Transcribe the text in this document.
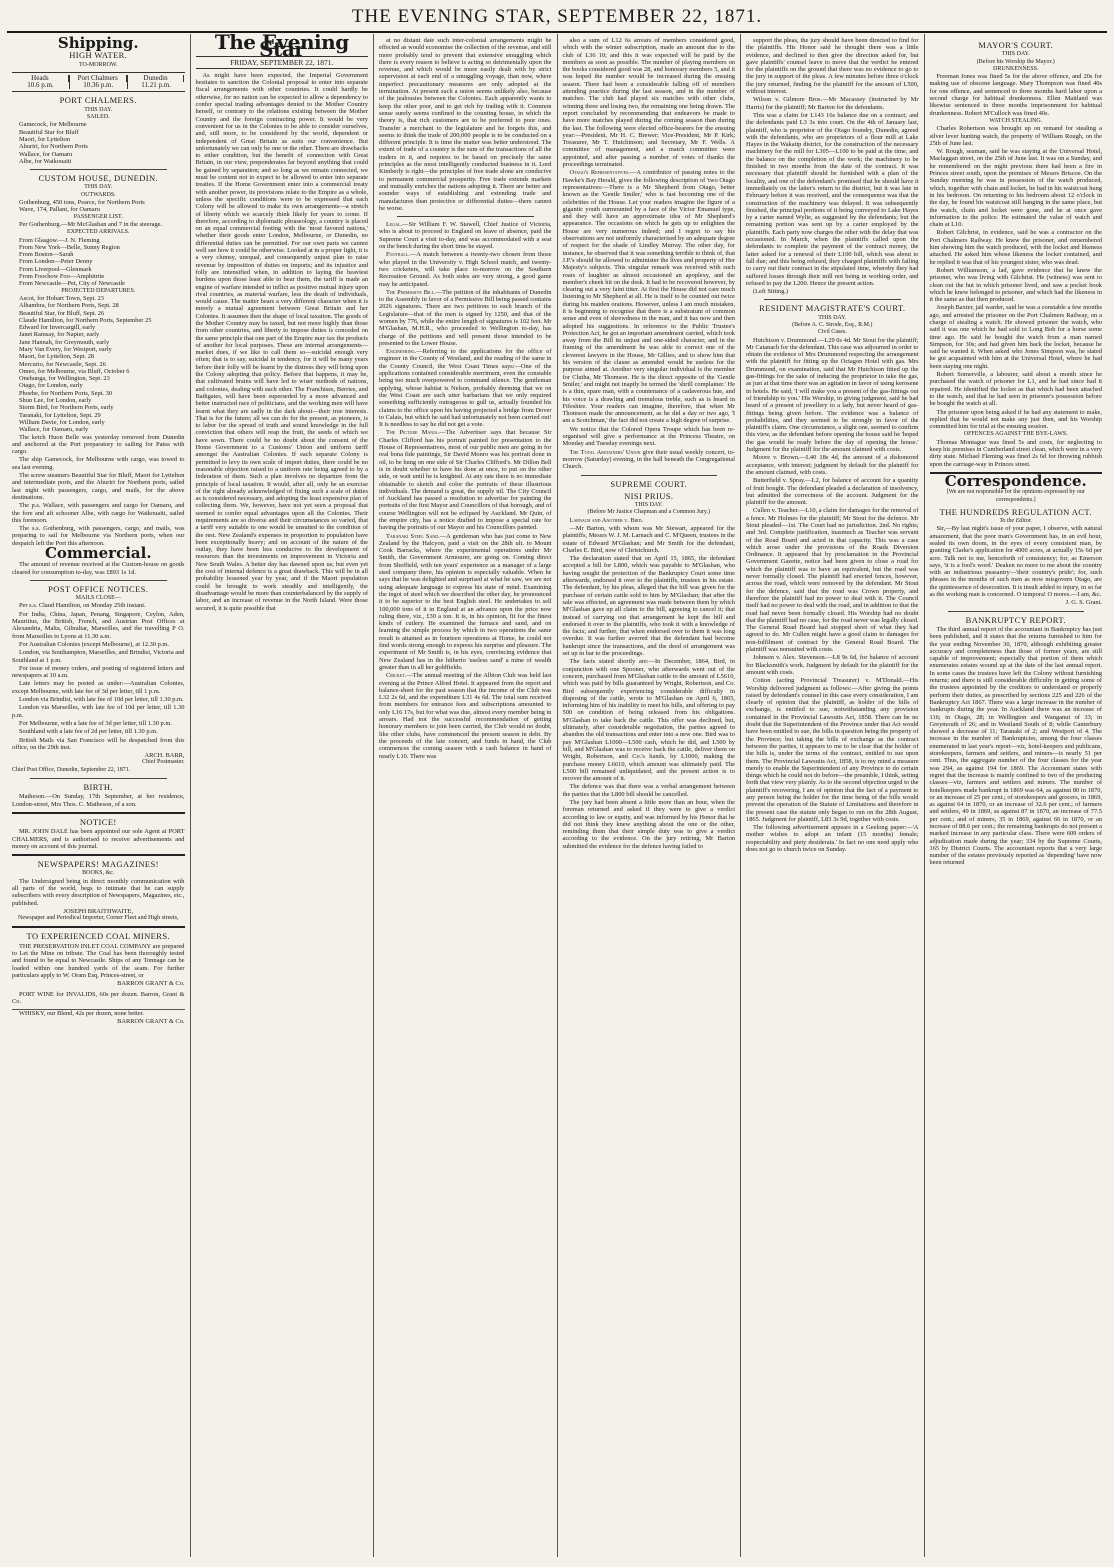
THE EVENING STAR, SEPTEMBER 22, 1871.
Shipping.
HIGH WATER.
TO-MORROW.
Heads
10.6 p.m.
Port Chalmers
10.36 p.m.
Dunedin
11.21 p.m.
PORT CHALMERS.
THIS DAY.
SAILED.
Gamecock, for Melbourne
Beautiful Star for Bluff
Maori, for Lyttelton
Ahuriri, for Northern Ports
Wallace, for Oamaru
Albe, for Waikouaiti
CUSTOM HOUSE, DUNEDIN.
THIS DAY.
OUTWARDS.
Gothenburg, 450 tons, Pearce, for Northern Ports
Wave, 174, Pallant, for Oamaru
PASSENGER LIST.

Per Gothenburg.—Mr McGlashan and 7 in the steerage.

EXPECTED ARRIVALS.
From Glasgow.—J. N. Fleming
From New York—Belle, Sunny Region
From Boston—Sarah
From London—Peter Denny
From Liverpool—Glenmark
From Foochow Foo—Amphitrite
From Newcastle—Pet, City of Newcastle
PROJECTED DEPARTURES.
Ascot, for Hobart Town, Sept. 23
Alhambra, for Northern Ports, Sept. 28
Beautiful Star, for Bluff, Sept. 26
Claude Hamilton, for Northern Ports, September 25
Edward for Invercargill, early
Janet Ramsay, for Napier, early
Jane Hannah, for Greymouth, early
Mary Van Every, for Westport, early
Maori, for Lyttelton, Sept. 28
Mercurio, for Newcastle, Sept. 26
Omeo, for Melbourne, via Bluff, October 6
Onehunga, for Wellington, Sept. 23
Otago, for London, early
Phoebe, for Northern Ports, Sept. 30
Shun Lee, for London, early
Storm Bird, for Northern Ports, early
Taranaki, for Lyttelton, Sept. 29
William Davie, for London, early
Wallace, for Oamaru, early

The ketch Huon Belle was yesterday removed from Dunedin and anchored at the Port preparatory to sailing for Patea with cargo.

The ship Gamecock, for Melbourne with cargo, was towed to sea last evening.

The screw steamers Beautiful Star for Bluff, Maori for Lyttelton and intermediate ports, and the Ahuriri for Northern ports, sailed last night with passengers, cargo, and mails, for the above destinations.

The p.s. Wallace, with passengers and cargo for Oamaru, and the fore and aft schooner Albe, with cargo for Waikouaiti, sailed this forenoon.

The s.s. Gothenburg, with passengers, cargo, and mails, was preparing to sail for Melbourne via Northern ports, when our despatch left the Port this afternoon.

Commercial.

The amount of revenue received at the Custom-house on goods cleared for consumption to-day, was £893 1s 1d.

POST OFFICE NOTICES.
MAILS CLOSE—

Per s.s. Claud Hamilton, on Monday 25th instant.

For India, China, Japan, Penang, Singapore, Ceylon, Aden, Mauritius, the British, French, and Austrian Post Offices at Alexandria, Malta, Gibraltar, Marseilles, and the travelling P O. from Marseilles to Lyons at 11.30 a.m.

For Australian Colonies (except Melbourne), at 12.30 p.m.

London, via Southampton, Marseilles, and Brindisi, Victoria and Southland at 1 p.m.

For issue of money orders, and posting of registered letters and newspapers at 10 a.m.

Late letters may be posted as under:—Australian Colonies, except Melbourne, with late fee of 3d per letter, till 1 p.m.

London via Brindisi, with late fee of 10d per letter, till 1.30 p.m.

London via Marseilles, with late fee of 10d per letter, till 1.30 p.m.

For Melbourne, with a late fee of 3d per letter, till 1.30 p.m.

Southland with a late fee of 2d per letter, till 1.30 p.m.

British Mails via San Francisco will be despatched from this office, on the 29th inst.

ARCH. BARR,
Chief Postmaster.
Chief Post Office, Dunedin, September 22, 1871.
BIRTH.

Matheson.—On Sunday, 17th September, at her residence, London-street, Mrs Thos. C. Matheson, of a son.

NOTICE!

MR. JOHN DALE has been appointed our sole Agent at PORT CHALMERS, and is authorised to receive advertisements and money on account of this journal.

NEWSPAPERS! MAGAZINES!
BOOKS, &c.

The Undersigned being in direct monthly communication with all parts of the world, begs to intimate that he can supply subscribers with every description of Newspapers, Magazines, etc., published.

JOSEPH BRAITHWAITE,
Newspaper and Periodical Importer, Corner Fleet and High streets,
TO EXPERIENCED COAL MINERS.

THE PRESERVATION INLET COAL COMPANY are prepared to Let the Mine on tribute. The Coal has been thoroughly tested and found to be equal to Newcastle. Ships of any Tonnage can be loaded within one hundred yards of the seam. For further particulars apply to W. Oram Esq, Princes-street, or

BARRON GRANT & Co.

PORT WINE for INVALIDS, 60s per dozen. Barron, Grant & Co.

WHISKY, our Blend, 42s per dozen, none better.

BARRON GRANT & Co.
The Evening Star
FRIDAY, SEPTEMBER 22, 1871.

As might have been expected, the Imperial Government hesitates to sanction the Colonial proposal to enter into separate fiscal arrangements with other countries. It could hardly be otherwise, for no nation can be expected to allow a dependency to confer special trading advantages denied to the Mother Country herself, or contrary to the relations existing between the Mother Country and the foreign contracting power. It would be very convenient for us in the Colonies to be able to consider ourselves, and, still more, to be considered by the world, dependent or independent of Great Britain as suits our convenience. But unfortunately we can only be one or the other. There are drawbacks to either condition, but the benefit of connection with Great Britain, in our view, preponderates far beyond anything that could be gained by separation; and so long as we remain connected, we must be content not to expect to be allowed to enter into separate treaties. If the Home Government enter into a commercial treaty with another power, its provisions relate to the Empire as a whole, unless the specific conditions were to be expressed that each Colony will be allowed to make its own arrangements—a stretch of liberty which we scarcely think likely for years to come. If therefore, according to diplomatic phraseology, a country is placed on an equal commercial footing with the 'most favored nations,' whether their goods enter London, Melbourne, or Dunedin, no differential duties can be permitted. For our own parts we cannot well see how it could be otherwise. Looked at in a proper light, it is a very clumsy, unequal, and consequently unjust plan to raise revenue by imposition of duties on imports; and its injustice and folly are intensified when, in addition to laying the heaviest burdens upon those least able to bear them, the tariff is made an engine of warfare intended to inflict as positive mutual injury upon rival countries, as material warfare, less the death of individuals, would cause. The matter bears a very different character when it is merely a mutual agreement between Great Britain and her Colonies. It assumes then the shape of local taxation. The goods of the Mother Country may be taxed, but not more highly than those from other countries, and liberty to impose duties is conceded on the same principle that one part of the Empire may tax the products of another for local purposes. These are internal arrangements—market dues, if we like to call them so—suicidal enough very often; that is to say, suicidal in tendency, for it will be many years before their folly will be learnt by the distress they will bring upon the Colony adopting that policy. Before that happens, it may be, that cultivated brains will have led to wiser methods of nations, and colonies, dealing with each other. The Franchises, Berries, and Bathgates, will have been superseded by a more advanced and better instructed race of politicians, and the working men will have learnt what they are sadly in the dark about—their true interests. That is for the future; all we can do for the present, as pioneers, is to labor for the spread of truth and sound knowledge in the full conviction that others will reap the fruit, the seeds of which we have sown. There could be no doubt about the consent of the Home Government to a Customs' Union and uniform tariff amongst the Australian Colonies. If each separate Colony is permitted to levy its own scale of import duties, there could be no reasonable objection raised to a uniform rate being agreed to by a federation of them. Such a plan involves no departure from the principle of local taxation. It would, after all, only be an exercise of the right already acknowledged of fixing such a scale of duties as is considered necessary, and adopting the least expensive plan of collecting them. We, however, have not yet seen a proposal that seemed to confer equal advantages upon all the Colonies. Their requirements are so diverse and their circumstances so varied, that a tariff very suitable to one would be unsuited to the condition of the rest. New Zealand's expenses in proportion to population have been exceptionally heavy; and on account of the nature of the outlay, they have been less conducive to the development of resources than the investments on improvement in Victoria and New South Wales. A better day has dawned upon us; but even yet the cost of internal defence is a great drawback. This will be in all probability lessened year by year, and if the Maori population could be brought to work steadily and intelligently, the disadvantage would be more than counterbalanced by the supply of labor, and an increase of revenue in the North Island. Were those secured, it is quite possible that

at no distant date such inter-colonial arrangements might be effected as would economise the collection of the revenue, and still more probably tend to prevent that extensive smuggling which there is every reason to believe is acting so detrimentally upon the revenue, and which would be more easily dealt with by strict supervision at each end of a smuggling voyage, than now, where imperfect precautionary measures are only adopted at the termination. At present such a union seems unlikely also, because of the jealousies between the Colonies. Each apparently wants to keep the other poor, and to get rich by trading with it. Common sense surely seems confined to the counting house, in which the theory is, that rich customers are to be preferred to poor ones. Transfer a merchant to the legislature and he forgets this, and seems to think the trade of 200,000 people is to be conducted on a different principle. It is time the matter was better understood. The extent of trade of a country is the sum of the transactions of all the traders in it, and requires to be based on precisely the same principles as the most intelligently conducted business in it. Lord Kimberly is right—the principles of free trade alone are conducive to permanent commercial prosperity. Free trade extends markets and mutually enriches the nations adopting it. There are better and sounder ways of establishing and extending trade and manufactures than protective or differential duties—there cannot be worse.

Legal.—Sir William F. W. Stawell, Chief Justice of Victoria, who is about to proceed to England on leave of absence, paid the Supreme Court a visit to-day, and was accommodated with a seat on the bench during the short time he stayed.

Football.—A match between a twenty-two chosen from those who played in the University v. High School match, and twenty-two cricketers, will take place to-morrow on the Southern Recreation Ground. As both sides are very strong, a good game may be anticipated.

The Permissive Bill.—The petition of the inhabitants of Dunedin to the Assembly in favor of a Permissive Bill being passed contains 2026 signatures. There are two petitions to each branch of the Legislature—that of the men is signed by 1250, and that of the women by 776, while the entire length of signatures is 102 feet. Mr M'Glashan, M.H.R., who proceeded to Wellington to-day, has charge of the petitions and will present those intended to be presented to the Lower House.

Engineering.—Referring to the applications for the office of engineer in the County of Westland, and the reading of the same in the County Council, the West Coast Times says:—One of the applications contained considerable merriment, even the constable being too much overpowered to command silence. The gentleman applying, whose habitat is Nelson, probably deeming that we on the West Coast are such utter barbarians that we only required something sufficiently outrageous to gull us, actually founded his claims to the office upon his having projected a bridge from Dover to Calais, but which he said had unfortunately not been carried out! It is needless to say he did not get a vote.

The Picture Mania.—The Advertiser says that because Sir Charles Clifford has his portrait painted for presentation to the House of Representatives, most of our public men are going in for real bona fide paintings, Sir David Monro was his portrait done in oil, to be hung on one side of Sir Charles Clifford's. Mr Dillon Bell is in doubt whether to have his done at once, to put on the other side, or wait until he is knighted. At any rate there is no immediate obtainable to sketch and color the portraits of these illustrious individuals. The demand is great, the supply nil. The City Council of Auckland has passed a resolution to advertise for painting the portraits of the first Mayor and Councillors of that borough, and of course Wellington will not be eclipsed by Auckland. Mr Quin, of the empire city, has a notice drafted to impose a special rate for having the portraits of our Mayor and his Councillors painted.

Taranaki Steel Sand.—A gentleman who has just come to New Zealand by the Halcyon, paid a visit on the 28th ult. to Mount Cook Barracks, where the experimental operations under Mr Smith, the Government Armourer, are going on. Coming direct from Sheffield, with ten years' experience as a manager of a large steel company there, his opinion is especially valuable. When he says that he was delighted and surprised at what he saw, we are not using adequate language to express his state of mind. Examining the ingot of steel which we described the other day, he pronounced it to be superior to the best English steel. He undertakes to sell 100,000 tons of it in England at an advance upon the price now ruling there, viz., £30 a ton. It is, in his opinion, fit for the finest kinds of cutlery. He examined the furnace and sand, and on learning the simple process by which in two operations the same result is attained as in fourteen operations at Home, he could not find words strong enough to express his surprise and pleasure. The experiment of Mr Smith is, in his eyes, convincing evidence that New Zealand has in the hitherto 'useless sand' a mine of wealth greater than in all her goldfields.

Cricket.—The annual meeting of the Albion Club was held last evening at the Prince Alfred Hotel. It appeared from the report and balance-sheet for the past season that the income of the Club was L32 2s 6d, and the expenditure L31 4s 6d. The total sum received from members for entrance fees and subscriptions amounted to only L16 17s, but for what was due, almost every member being in arrears. Had not the successful recommendation of getting honorary members to join been carried, the Club would no doubt, like other clubs, have commenced the present season in debt. By the proceeds of the late concert, and funds in hand, the Club commences the coming season with a cash balance in hand of nearly L10. There was

also a sum of L12 6s arrears of members considered good, which with the winter subscription, made an amount due to the club of L36 10; and this it was expected will be paid by the members as soon as possible. The number of playing members on the books considered good was 28, and honorary members 5, and it was hoped the number would be increased during the ensuing season. There had been a considerable falling off of members attending practice during the last season, and in the number of matches. The club had played six matches with other clubs, winning three and losing two, the remaining one being drawn. The report concluded by recommending that endeavors be made to have more matches played during the coming season than during the last. The following were elected office-bearers for the ensuing year:—President, Mr H. C. Brewer; Vice-President, Mr P. Kirk; Treasurer, Mr T. Hutchinson; and Secretary, Mr F. Wells. A committee of management, and a match committee were appointed, and after passing a number of votes of thanks the proceedings terminated.

Otago's Representatives.—A contributor of passing notes to the Hawke's Bay Herald, gives the following description of 'two Otago representatives:—There is a Mr Shepherd from Otago, better known as the 'Gentle Smiler,' who is fast becoming one of the celebrities of the House. Let your readers imagine the figure of a gigantic youth surmounted by a face of the Victor Emanuel type, and they will have an approximate idea of Mr Shepherd's appearance. The occasions on which he gets up to enlighten the House are very numerous indeed; and I regret to say his observations are not uniformly characterised by an adequate degree of respect for the shade of Lindley Murray. The other day, for instance, he observed that it was something terrible to think of, that J.P.'s should be allowed to administer the lives and property of Her Majesty's subjects. This singular remark was received with such roars of laughter as almost occasioned an apoplexy, and the member's cheek hit on the desk. It had to be recovered however, by clearing out a very faint titter. At first the House did not care much listening to Mr Shepherd at all. He is itself to be counted out twice during his maiden orations. However, unless I am much mistaken, it is beginning to recognise that there is a substratum of common sense and even of shrewdness in the man, and it has now and then adopted his suggestions. In reference to the Public Trustee's Protection Act, he got an important amendment carried, which took away from the Bill its unjust and one-sided character, and in the framing of the amendment he was able to correct one of the cleverest lawyers in the House, Mr Gillies, and to show him that his version of the clause as amended would be useless for the purpose aimed at. Another very singular individual is the member for Clutha, Mr Thomson. He is the direct opposite of the 'Gentle Smiler,' and might not inaptly be termed the 'shrill complainer.' He is a thin, spare man, with a countenance of a cadaverous hue, and his voice is a drawling and tremulous treble, such as is heard in Fifeshire. Your readers can imagine, therefore, that when Mr Thomson made the announcement, as he did a day or two ago, 'I am a Scotchman,' the fact did not create a high degree of surprise.

We notice that the Colored Opera Troupe which has been re-organised will give a performance at the Princess Theatre, on Monday and Tuesday evenings next.

The Total Abstainers' Union give their usual weekly concert, to-morrow (Saturday) evening, in the hall beneath the Congregational Church.

SUPREME COURT.
NISI PRIUS.
THIS DAY.
(Before Mr Justice Chapman and a Common Jury.)

Larnach and Another v. Bird.

—Mr Barton, with whom was Mr Stewart, appeared for the plaintiffs, Messrs W. J. M. Larnach and C. M'Queen, trustees in the estate of Edward M'Glashan; and Mr Smith for the defendant, Charles E. Bird, now of Christchurch.

The declaration stated that on April 15, 1865, the defendant accepted a bill for L800, which was payable to M'Glashan, who having sought the protection of the Bankruptcy Court some time afterwards, endorsed it over to the plaintiffs, trustees in his estate. The defendant, by his pleas, alleged that the bill was given for the purchase of certain cattle sold to him by M'Glashan; that after the sale was effected, an agreement was made between them by which M'Glashan gave up all claim to the bill, agreeing to cancel it; that instead of carrying out that arrangement he kept the bill and endorsed it over to the plaintiffs, who took it with a knowledge of the facts; and further, that when endorsed over to them it was long overdue. It was further averred that the defendant had become bankrupt since the transactions, and the deed of arrangement was set up in bar to the proceedings.

The facts stated shortly are:—In December, 1864, Bird, in conjunction with one Spooner, who afterwards went out of the concern, purchased from M'Glashan cattle to the amount of L5610, which was paid by bills guaranteed by Wright, Robertson, and Co. Bird subsequently experiencing considerable difficulty in disposing of the cattle, wrote to M'Glashan on April 6, 1865, informing him of his inability to meet his bills, and offering to pay 500 on condition of being released from his obligations. M'Glashan to take back the cattle. This offer was declined, but, ultimately, after considerable negotiation, the parties agreed to abandon the old transactions and enter into a new one. Bird was to pay M'Glashan L1000—L500 cash, which he did, and L500 by bill, and M'Glashan was to receive back the cattle, deliver them on Wright, Robertson, and Co.'s hands, by L1000, making the purchase money L6610, which amount was ultimately paid. The L500 bill remained unliquidated, and the present action is to recover the amount of it.

The defence was that there was a verbal arrangement between the parties that the L800 bill should be cancelled.

The jury had been absent a little more than an hour, when the foreman returned and asked if they were to give a verdict according to law or equity, and was informed by his Honor that he did not think they knew anything about the one or the other, reminding them that their simple duty was to give a verdict according to the evidence. On the jury retiring, Mr Barton submitted the evidence for the defence having failed to

support the pleas, the jury should have been directed to find for the plaintiffs. His Honor said he thought there was a little evidence, and declined to then give the direction asked for, but gave plaintiffs' counsel leave to move that the verdict be entered for the plaintiffs on the ground that there was no evidence to go to the jury in support of the pleas. A few minutes before three o'clock the jury returned, finding for the plaintiff for the amount of L500, without interest.

Wilson v. Gilmore Bros.—Mr Macassey (instructed by Mr Harris) for the plaintiff; Mr Barton for the defendants.

This was a claim for L143 16s balance due on a contract; and the defendants paid L3 3s into court. On the 4th of January last, plaintiff, who is proprietor of the Otago foundry, Dunedin, agreed with the defendants, who are proprietors of a flour mill at Lake Hayes in the Wakatip district, for the construction of the necessary machinery for the mill for L305—L100 to be paid at the time, and the balance on the completion of the work; the machinery to be finished in two months from the date of the contract. It was necessary that plaintiff should be furnished with a plan of the locality, and one of the defendant's promised that he should have it immediately on the latter's return to the district, but it was late in February before it was received, and the consequence was that the construction of the machinery was delayed. It was subsequently finished, the principal portions of it being conveyed to Lake Hayes by a carter named Wylie, as suggested by the defendants; but the remaining portion was sent up by a carter employed by the plaintiffs. Each party now charges the other with the delay that was occasioned. In March, when the plaintiffs called upon the defendants to complete the payment of the contract money, the latter asked for a renewal of their L100 bill, which was about to fall due; and this being refused, they charged plaintiffs with failing to carry out their contract in the stipulated time, whereby they had suffered losses through their mill not being in working order, and refused to pay the L200. Hence the present action.

(Left Sitting.)

RESIDENT MAGISTRATE'S COURT.
THIS DAY.
(Before A. C. Strode, Esq., R.M.)
Civil Cases.

Hutchison v. Drummond.—L29 0s 4d. Mr Stout for the plaintiff; Mr Catanach for the defendant. This case was adjourned in order to obtain the evidence of Mrs Drummond respecting the arrangement with the plaintiff for fitting up the Octagon Hotel with gas. Mrs Drummond, on examination, said that Mr Hutchison fitted up the gas-fittings for the sake of inducing the proprietor to take the gas, as just at that time there was an agitation in favor of using kerosene in hotels. He said, 'I will make you a present of the gas-fittings out of friendship to you.' His Worship, in giving judgment, said he had heard of a present of jewellery to a lady, but never heard of gas-fittings being given before. The evidence was a balance of probabilities, and they seemed to be strongly in favor of the plaintiff's claim. One circumstance, a slight one, seemed to confirm this view, as the defendant before opening the house said he 'hoped the gas would be ready before the day of opening the house.' Judgment for the plaintiff for the amount claimed with costs.

Moore v. Brown.—L40 18s 4d, the amount of a dishonored acceptance, with interest; judgment by default for the plaintiff for the amount claimed, with costs.

Butterfield v. Spray.—L2, for balance of account for a quantity of fruit bought. The defendant pleaded a declaration of insolvency, but admitted the correctness of the account. Judgment for the plaintiff for the amount.

Cullen v. Teacher.—L10, a claim for damages for the removal of a fence. Mr Holmes for the plaintiff; Mr Stout for the defence. Mr Stout pleaded—1st. The Court had no jurisdiction. 2nd. No rights; and 3rd. Complete justification, inasmuch as Teacher was servant of the Road Board and acted in that capacity. This was a case which arose under the provisions of the Roads Diversion Ordinance. It appeared that by proclamation in the Provincial Government Gazette, notice had been given to close a road for which the plaintiff was to have an equivalent, but the road was never formally closed. The plaintiff had erected fences, however, across the road, which were removed by the defendant. Mr Stout for the defence, said that the road was Crown property, and therefore the plaintiff had no power to deal with it. The Council itself had no power to deal with the road, and in addition to that the road had never been formally closed. His Worship had no doubt that the plaintiff had no case, for the road never was legally closed. The General Road Board had stopped short of what they had agreed to do. Mr Cullen might have a good claim to damages for non-fulfilment of contract by the General Road Board. The plaintiff was nonsuited with costs.

Johnson v. Alex. Stevenson.—L8 9s 6d, for balance of account for Blacksmith's work. Judgment by default for the plaintiff for the amount with costs.

Cotton (acting Provincial Treasurer) v. M'Donald.—His Worship delivered judgment as follows:—After giving the points raised by defendant's counsel in this case every consideration, I am clearly of opinion that the plaintiff, as holder of the bills of exchange, is entitled to sue, notwithstanding any provision contained in the Provincial Lawsuits Act, 1858. There can be no doubt that the Superintendent of the Province under that Act would have been entitled to sue, the bills in question being the property of the Province; but taking the bills of exchange as the contract between the parties, it appears to me to be clear that the holder of the bills is, under the terms of the contract, entitled to sue upon them. The Provincial Lawsuits Act, 1858, is to my mind a measure merely to enable the Superintendent of any Province to do certain things which he could not do before—the preamble, I think, setting forth that view very plainly. As to the second objection urged to the plaintiff's recovering, I am of opinion that the fact of a payment to any person being the holder for the time being of the bills would prevent the operation of the Statute of Limitations and therefore in the present case the statute only began to run on the 28th August, 1865. Judgment for plaintiff, L83 3s 9d, together with costs.

The following advertisement appears in a Geelong paper:—'A mother wishes to adopt an infant (15 months) female; respectability and piety desiderata.' In fact no one need apply who does not go to church twice on Sunday.

MAYOR'S COURT.
THIS DAY.
(Before his Worship the Mayor.)
DRUNKENNESS.

Freeman Jones was fined 5s for the above offence, and 20s for making use of obscene language. Mary Thompson was fined 40s for one offence, and sentenced to three months hard labor upon a second charge for habitual drunkenness. Ellen Maitland was likewise sentenced to three months imprisonment for habitual drunkenness. Robert M'Culloch was fined 40s.

WATCH STEALING.

Charles Robertson was brought up on remand for stealing a silver lever hunting watch, the property of William Rough, on the 25th of June last.

W. Rough, seaman, said he was staying at the Universal Hotel, Maclaggan street, on the 25th of June last. It was on a Sunday, and he remembered on the night previous there had been a fire in Princes street south, upon the premises of Messrs Briscoe. On the Sunday morning he was in possession of the watch produced, which, together with chain and locket, he had in his waistcoat hung in his bedroom. On returning to his bedroom about 12 o'clock in the day, he found his waistcoat still hanging in the same place, but the watch, chain and locket were gone, and he at once gave information to the police. He estimated the value of watch and chain at L10.

Robert Gilchrist, in evidence, said he was a contractor on the Port Chalmers Railway. He knew the prisoner, and remembered him showing him the watch produced, with the locket and likeness attached. He asked him whose likeness the locket contained, and he replied it was that of his youngest sister, who was dead.

Robert Williamson, a lad, gave evidence that he knew the prisoner, who was living with Gilchrist. He (witness) was sent to clean out the hut in which prisoner lived, and saw a pocket book which he knew belonged to prisoner, and which had the likeness in it the same as that then produced.

Joseph Baxter, jail warder, said he was a constable a few months ago, and arrested the prisoner on the Port Chalmers Railway, on a charge of stealing a watch. He showed prisoner the watch, who said it was one which he had sold to Long Bob for a horse some time ago. He said he bought the watch from a man named Simpson, for 30s; and had given him back the locket, because he said he wanted it. When asked who Jones Simpson was, he stated he got acquainted with him at the Universal Hotel, where he had been staying one night.

Robert Somerville, a labourer, said about a month since he purchased the watch of prisoner for L1, and he had since had it repaired. He identified the locket as that which had been attached to the watch, and that he had seen in prisoner's possession before he bought the watch at all.

The prisoner upon being asked if he had any statement to make, replied that he would not make any just then, and his Worship committed him for trial at the ensuing session.

OFFENCES AGAINST THE BYE-LAWS.

Thomas Montague was fined 5s and costs, for neglecting to keep his premises in Cumberland street clean, which were in a very dirty state. Michael Fleming was fined 2s 6d for throwing rubbish upon the carriage-way in Princes street.

Correspondence.
[We are not responsible for the opinions expressed by our correspondents.]
THE HUNDREDS REGULATION ACT.
To the Editor.

Sir,—By last night's issue of your paper, I observe, with natural amazement, that the poor man's Government has, in an evil hour, sealed its own doom, in the eyes of every consistent man, by granting Clarke's application for 4000 acres, at actually 15s 6d per acre. Talk not to me, henceforth of consistency; for, as Emerson says, 'it is a fool's word.' Deaken no more to me about the country with an industrious peasantry—'their country's pride'; for, such phrases in the mouths of such men as now misgovern Otago, are the quintessence of desecration. It is insult added to injury, in so far as the working man is concerned. O tempora! O mores.—I am, &c.

J. G. S. Grant.
BANKRUPTCY REPORT.

The third annual report of the accountant in Bankruptcy has just been published, and it states that the returns furnished to him for the year ending November 30, 1870, although exhibiting greater accuracy and completeness than those of former years, are still capable of improvement; especially that portion of them which enumerates estates wound up at the date of the last annual report. In some cases the trustees have left the Colony without furnishing returns; and there is still considerable difficulty in getting some of the trustees appointed by the creditors to understand or properly perform their duties, as prescribed by sections 225 and 226 of the Bankruptcy Act 1867. There was a large increase in the number of bankrupts during the year. In Auckland there was an increase of 116; in Otago, 28; in Wellington and Wanganui of 33; in Greymouth of 26; and in Westland South of 8; while Canterbury showed a decrease of 11; Taranaki of 2; and Westport of 4. The increase in the number of Bankruptcies, among the four classes enumerated in last year's report—viz, hotel-keepers and publicans, storekeepers, farmers and settlers, and miners—is nearly 51 per cent. Thus, the aggregate number of the four classes for the year was 294, as against 194 for 1869. The Accountant states with regret that the increase is mainly confined to two of the producing classes—viz, farmers and settlers and miners. The number of hotelkeepers made bankrupt in 1869 was 64, as against 80 in 1870, or an increase of 25 per cent.; of storekeepers and grocers, in 1869, as against 64 in 1870, or an increase of 32.6 per cent.; of farmers and settlers, 49 in 1869, as against 87 in 1870, an increase of 77.5 per cent.; and of miners, 35 in 1869, against 66 in 1870, or an increase of 88.6 per cent.; the remaining bankrupts do not present a marked increase in any particular class. There were 609 orders of adjudication made during the year; 334 by the Supreme Courts, 165 by District Courts. The accountant reports that a very large number of the estates previously reported as 'depending' have now been returned
